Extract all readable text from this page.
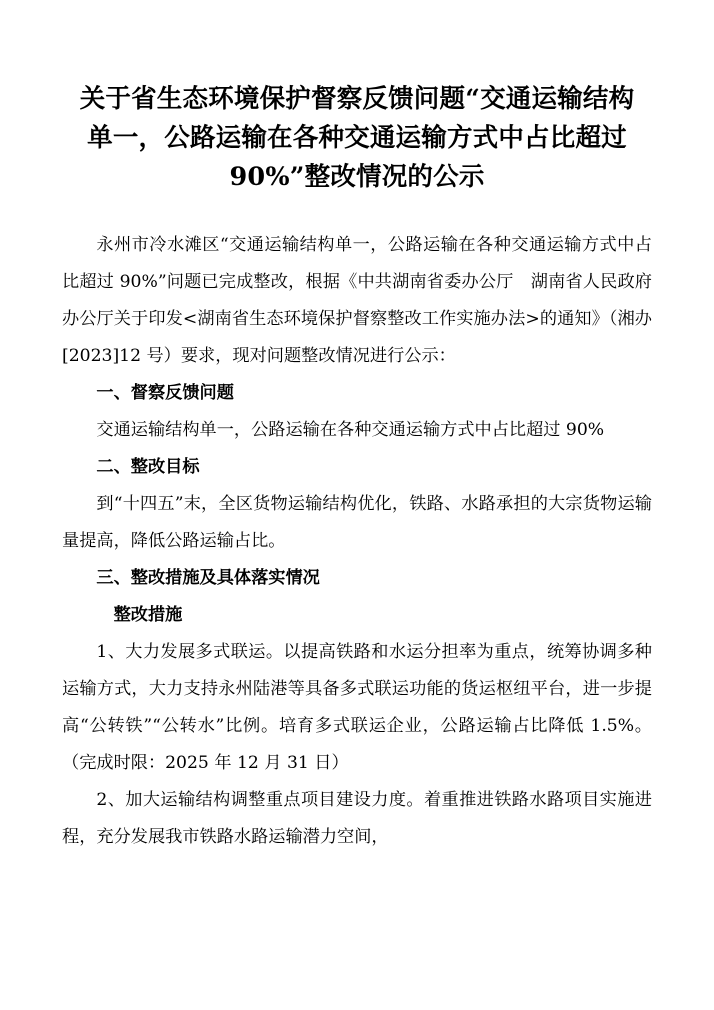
关于省生态环境保护督察反馈问题“交通运输结构单一，公路运输在各种交通运输方式中占比超过 90%”整改情况的公示

永州市冷水滩区“交通运输结构单一，公路运输在各种交通运输方式中占比超过 90%”问题已完成整改，根据《中共湖南省委办公厅　湖南省人民政府办公厅关于印发<湖南省生态环境保护督察整改工作实施办法>的通知》（湘办[2023]12 号）要求，现对问题整改情况进行公示：

一、督察反馈问题

交通运输结构单一，公路运输在各种交通运输方式中占比超过 90%

二、整改目标

到“十四五”末，全区货物运输结构优化，铁路、水路承担的大宗货物运输量提高，降低公路运输占比。

三、整改措施及具体落实情况

整改措施

1、大力发展多式联运。以提高铁路和水运分担率为重点，统筹协调多种运输方式，大力支持永州陆港等具备多式联运功能的货运枢纽平台，进一步提高“公转铁”“公转水”比例。培育多式联运企业，公路运输占比降低 1.5%。（完成时限：2025 年 12 月 31 日）

2、加大运输结构调整重点项目建设力度。着重推进铁路水路项目实施进程，充分发展我市铁路水路运输潜力空间，
